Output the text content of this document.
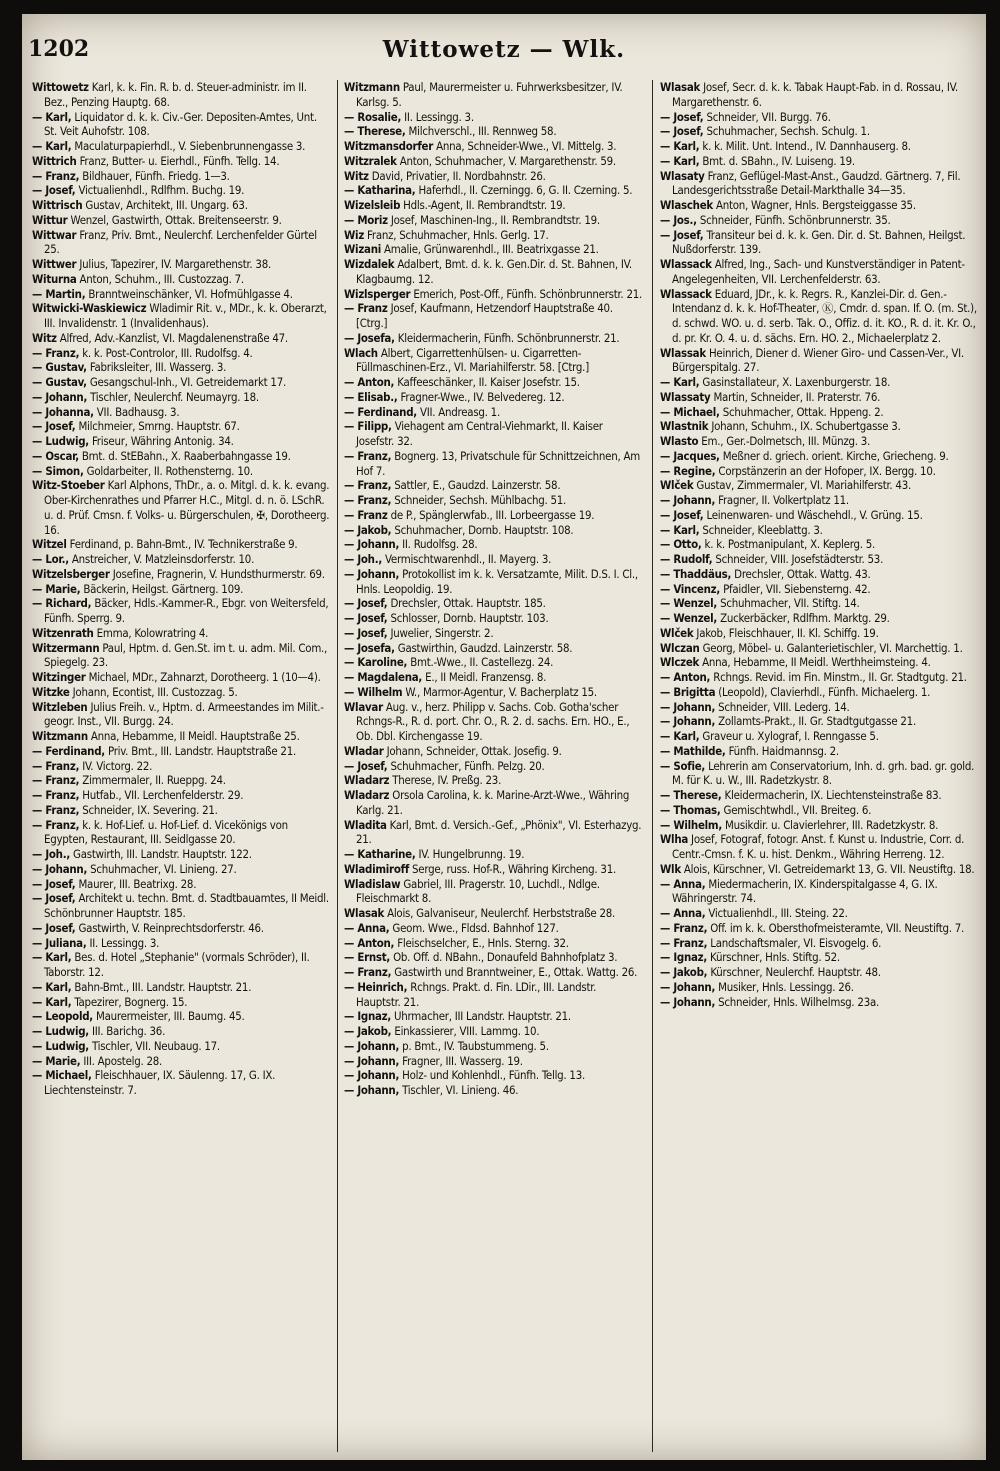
1202	Wittowetz — Wlk.

Wittowetz Karl, k. k. Fin. R. b. d. Steuer-administr. im II. Bez., Penzing Hauptg. 68.

— Karl, Liquidator d. k. k. Civ.-Ger. Depositen-Amtes, Unt. St. Veit Auhofstr. 108.

— Karl, Maculaturpapierhdl., V. Siebenbrunnengasse 3.

Wittrich Franz, Butter- u. Eierhdl., Fünfh. Tellg. 14.

— Franz, Bildhauer, Fünfh. Friedg. 1—3.

— Josef, Victualienhdl., Rdlfhm. Buchg. 19.

Wittrisch Gustav, Architekt, III. Ungarg. 63.

Wittur Wenzel, Gastwirth, Ottak. Breitenseerstr. 9.

Wittwar Franz, Priv. Bmt., Neulerchf. Lerchenfelder Gürtel 25.

Wittwer Julius, Tapezirer, IV. Margarethenstr. 38.

Witurna Anton, Schuhm., III. Custozzag. 7.

— Martin, Branntweinschänker, VI. Hofmühlgasse 4.

Witwicki-Waskiewicz Wladimir Rit. v., MDr., k. k. Oberarzt, III. Invalidenstr. 1 (Invalidenhaus).

Witz Alfred, Adv.-Kanzlist, VI. Magdalenenstraße 47.

— Franz, k. k. Post-Controlor, III. Rudolfsg. 4.

— Gustav, Fabriksleiter, III. Wasserg. 3.

— Gustav, Gesangschul-Inh., VI. Getreidemarkt 17.

— Johann, Tischler, Neulerchf. Neumayrg. 18.

— Johanna, VII. Badhausg. 3.

— Josef, Milchmeier, Smrng. Hauptstr. 67.

— Ludwig, Friseur, Währing Antonig. 34.

— Oscar, Bmt. d. StEBahn., X. Raaberbahngasse 19.

— Simon, Goldarbeiter, II. Rothensterng. 10.

Witz-Stoeber Karl Alphons, ThDr., a. o. Mitgl. d. k. k. evang. Ober-Kirchenrathes und Pfarrer H.C., Mitgl. d. n. ö. LSchR. u. d. Prüf. Cmsn. f. Volks- u. Bürgerschulen, ✠, Dorotheerg. 16.

Witzel Ferdinand, p. Bahn-Bmt., IV. Technikerstraße 9.

— Lor., Anstreicher, V. Matzleinsdorferstr. 10.

Witzelsberger Josefine, Fragnerin, V. Hundsthurmerstr. 69.

— Marie, Bäckerin, Heilgst. Gärtnerg. 109.

— Richard, Bäcker, Hdls.-Kammer-R., Ebgr. von Weitersfeld, Fünfh. Sperrg. 9.

Witzenrath Emma, Kolowratring 4.

Witzermann Paul, Hptm. d. Gen.St. im t. u. adm. Mil. Com., Spiegelg. 23.

Witzinger Michael, MDr., Zahnarzt, Dorotheerg. 1 (10—4).

Witzke Johann, Econtist, III. Custozzag. 5.

Witzleben Julius Freih. v., Hptm. d. Armeestandes im Milit.-geogr. Inst., VII. Burgg. 24.

Witzmann Anna, Hebamme, II Meidl. Hauptstraße 25.

— Ferdinand, Priv. Bmt., III. Landstr. Hauptstraße 21.

— Franz, IV. Victorg. 22.

— Franz, Zimmermaler, II. Rueppg. 24.

— Franz, Hutfab., VII. Lerchenfelderstr. 29.

— Franz, Schneider, IX. Severing. 21.

— Franz, k. k. Hof-Lief. u. Hof-Lief. d. Vicekönigs von Egypten, Restaurant, III. Seidlgasse 20.

— Joh., Gastwirth, III. Landstr. Hauptstr. 122.

— Johann, Schuhmacher, VI. Linieng. 27.

— Josef, Maurer, III. Beatrixg. 28.

— Josef, Architekt u. techn. Bmt. d. Stadtbauamtes, II Meidl. Schönbrunner Hauptstr. 185.

— Josef, Gastwirth, V. Reinprechtsdorferstr. 46.

— Juliana, II. Lessingg. 3.

— Karl, Bes. d. Hotel „Stephanie" (vormals Schröder), II. Taborstr. 12.

— Karl, Bahn-Bmt., III. Landstr. Hauptstr. 21.

— Karl, Tapezirer, Bognerg. 15.

— Leopold, Maurermeister, III. Baumg. 45.

— Ludwig, III. Barichg. 36.

— Ludwig, Tischler, VII. Neubaug. 17.

— Marie, III. Apostelg. 28.

— Michael, Fleischhauer, IX. Säulenng. 17, G. IX. Liechtensteinstr. 7.

Witzmann Paul, Maurermeister u. Fuhrwerksbesitzer, IV. Karlsg. 5.

— Rosalie, II. Lessingg. 3.

— Therese, Milchverschl., III. Rennweg 58.

Witzmansdorfer Anna, Schneider-Wwe., VI. Mittelg. 3.

Witzralek Anton, Schuhmacher, V. Margarethenstr. 59.

Witz David, Privatier, II. Nordbahnstr. 26.

— Katharina, Haferhdl., II. Czerningg. 6, G. II. Czerning. 5.

Wizelsleib Hdls.-Agent, II. Rembrandtstr. 19.

— Moriz Josef, Maschinen-Ing., II. Rembrandtstr. 19.

Wiz Franz, Schuhmacher, Hnls. Gerlg. 17.

Wizani Amalie, Grünwarenhdl., III. Beatrixgasse 21.

Wizdalek Adalbert, Bmt. d. k. k. Gen.Dir. d. St. Bahnen, IV. Klagbaumg. 12.

Wizlsperger Emerich, Post-Off., Fünfh. Schönbrunnerstr. 21.

— Franz Josef, Kaufmann, Hetzendorf Hauptstraße 40. [Ctrg.]

— Josefa, Kleidermacherin, Fünfh. Schönbrunnerstr. 21.

Wlach Albert, Cigarrettenhülsen- u. Cigarretten-Füllmaschinen-Erz., VI. Mariahilferstr. 58. [Ctrg.]

— Anton, Kaffeeschänker, II. Kaiser Josefstr. 15.

— Elisab., Fragner-Wwe., IV. Belvedereg. 12.

— Ferdinand, VII. Andreasg. 1.

— Filipp, Viehagent am Central-Viehmarkt, II. Kaiser Josefstr. 32.

— Franz, Bognerg. 13, Privatschule für Schnittzeichnen, Am Hof 7.

— Franz, Sattler, E., Gaudzd. Lainzerstr. 58.

— Franz, Schneider, Sechsh. Mühlbachg. 51.

— Franz de P., Spänglerwfab., III. Lorbeergasse 19.

— Jakob, Schuhmacher, Dornb. Hauptstr. 108.

— Johann, II. Rudolfsg. 28.

— Joh., Vermischtwarenhdl., II. Mayerg. 3.

— Johann, Protokollist im k. k. Versatzamte, Milit. D.S. I. Cl., Hnls. Leopoldig. 19.

— Josef, Drechsler, Ottak. Hauptstr. 185.

— Josef, Schlosser, Dornb. Hauptstr. 103.

— Josef, Juwelier, Singerstr. 2.

— Josefa, Gastwirthin, Gaudzd. Lainzerstr. 58.

— Karoline, Bmt.-Wwe., II. Castellezg. 24.

— Magdalena, E., II Meidl. Franzensg. 8.

— Wilhelm W., Marmor-Agentur, V. Bacherplatz 15.

Wlavar Aug. v., herz. Philipp v. Sachs. Cob. Gotha'scher Rchngs-R., R. d. port. Chr. O., R. 2. d. sachs. Ern. HO., E., Ob. Dbl. Kirchengasse 19.

Wladar Johann, Schneider, Ottak. Josefig. 9.

— Josef, Schuhmacher, Fünfh. Pelzg. 20.

Wladarz Therese, IV. Preßg. 23.

Wladarz Orsola Carolina, k. k. Marine-Arzt-Wwe., Währing Karlg. 21.

Wladita Karl, Bmt. d. Versich.-Gef., „Phönix", VI. Esterhazyg. 21.

— Katharine, IV. Hungelbrunng. 19.

Wladimiroff Serge, russ. Hof-R., Währing Kircheng. 31.

Wladislaw Gabriel, III. Pragerstr. 10, Luchdl., Ndlge. Fleischmarkt 8.

Wlasak Alois, Galvaniseur, Neulerchf. Herbststraße 28.

— Anna, Geom. Wwe., Fldsd. Bahnhof 127.

— Anton, Fleischselcher, E., Hnls. Sterng. 32.

— Ernst, Ob. Off. d. NBahn., Donaufeld Bahnhofplatz 3.

— Franz, Gastwirth und Branntweiner, E., Ottak. Wattg. 26.

— Heinrich, Rchngs. Prakt. d. Fin. LDir., III. Landstr. Hauptstr. 21.

— Ignaz, Uhrmacher, III Landstr. Hauptstr. 21.

— Jakob, Einkassierer, VIII. Lammg. 10.

— Johann, p. Bmt., IV. Taubstummeng. 5.

— Johann, Fragner, III. Wasserg. 19.

— Johann, Holz- und Kohlenhdl., Fünfh. Tellg. 13.

— Johann, Tischler, VI. Linieng. 46.

Wlasak Josef, Secr. d. k. k. Tabak Haupt-Fab. in d. Rossau, IV. Margarethenstr. 6.

— Josef, Schneider, VII. Burgg. 76.

— Josef, Schuhmacher, Sechsh. Schulg. 1.

— Karl, k. k. Milit. Unt. Intend., IV. Dannhauserg. 8.

— Karl, Bmt. d. SBahn., IV. Luiseng. 19.

Wlasaty Franz, Geflügel-Mast-Anst., Gaudzd. Gärtnerg. 7, Fil. Landesgerichtsstraße Detail-Markthalle 34—35.

Wlaschek Anton, Wagner, Hnls. Bergsteiggasse 35.

— Jos., Schneider, Fünfh. Schönbrunnerstr. 35.

— Josef, Transiteur bei d. k. k. Gen. Dir. d. St. Bahnen, Heilgst. Nußdorferstr. 139.

Wlassack Alfred, Ing., Sach- und Kunstverständiger in Patent-Angelegenheiten, VII. Lerchenfelderstr. 63.

Wlassack Eduard, JDr., k. k. Regrs. R., Kanzlei-Dir. d. Gen.-Intendanz d. k. k. Hof-Theater, Ⓚ, Cmdr. d. span. If. O. (m. St.), d. schwd. WO. u. d. serb. Tak. O., Offiz. d. it. KO., R. d. it. Kr. O., d. pr. Kr. O. 4. u. d. sächs. Ern. HO. 2., Michaelerplatz 2.

Wlassak Heinrich, Diener d. Wiener Giro- und Cassen-Ver., VI. Bürgerspitalg. 27.

— Karl, Gasinstallateur, X. Laxenburgerstr. 18.

Wlassaty Martin, Schneider, II. Praterstr. 76.

— Michael, Schuhmacher, Ottak. Hppeng. 2.

Wlastnik Johann, Schuhm., IX. Schubertgasse 3.

Wlasto Em., Ger.-Dolmetsch, III. Münzg. 3.

— Jacques, Meßner d. griech. orient. Kirche, Griecheng. 9.

— Regine, Corpstänzerin an der Hofoper, IX. Bergg. 10.

Wlček Gustav, Zimmermaler, VI. Mariahilferstr. 43.

— Johann, Fragner, II. Volkertplatz 11.

— Josef, Leinenwaren- und Wäschehdl., V. Grüng. 15.

— Karl, Schneider, Kleeblattg. 3.

— Otto, k. k. Postmanipulant, X. Keplerg. 5.

— Rudolf, Schneider, VIII. Josefstädterstr. 53.

— Thaddäus, Drechsler, Ottak. Wattg. 43.

— Vincenz, Pfaidler, VII. Siebensterng. 42.

— Wenzel, Schuhmacher, VII. Stiftg. 14.

— Wenzel, Zuckerbäcker, Rdlfhm. Marktg. 29.

Wlček Jakob, Fleischhauer, II. Kl. Schiffg. 19.

Wlczan Georg, Möbel- u. Galanterietischler, VI. Marchettig. 1.

Wlczek Anna, Hebamme, II Meidl. Werthheimsteing. 4.

— Anton, Rchngs. Revid. im Fin. Minstm., II. Gr. Stadtgutg. 21.

— Brigitta (Leopold), Clavierhdl., Fünfh. Michaelerg. 1.

— Johann, Schneider, VIII. Lederg. 14.

— Johann, Zollamts-Prakt., II. Gr. Stadtgutgasse 21.

— Karl, Graveur u. Xylograf, I. Renngasse 5.

— Mathilde, Fünfh. Haidmannsg. 2.

— Sofie, Lehrerin am Conservatorium, Inh. d. grh. bad. gr. gold. M. für K. u. W., III. Radetzkystr. 8.

— Therese, Kleidermacherin, IX. Liechtensteinstraße 83.

— Thomas, Gemischtwhdl., VII. Breiteg. 6.

— Wilhelm, Musikdir. u. Clavierlehrer, III. Radetzkystr. 8.

Wlha Josef, Fotograf, fotogr. Anst. f. Kunst u. Industrie, Corr. d. Centr.-Cmsn. f. K. u. hist. Denkm., Währing Herreng. 12.

Wlk Alois, Kürschner, VI. Getreidemarkt 13, G. VII. Neustiftg. 18.

— Anna, Miedermacherin, IX. Kinderspitalgasse 4, G. IX. Währingerstr. 74.

— Anna, Victualienhdl., III. Steing. 22.

— Franz, Off. im k. k. Obersthofmeisteramte, VII. Neustiftg. 7.

— Franz, Landschaftsmaler, VI. Eisvogelg. 6.

— Ignaz, Kürschner, Hnls. Stiftg. 52.

— Jakob, Kürschner, Neulerchf. Hauptstr. 48.

— Johann, Musiker, Hnls. Lessingg. 26.

— Johann, Schneider, Hnls. Wilhelmsg. 23a.
